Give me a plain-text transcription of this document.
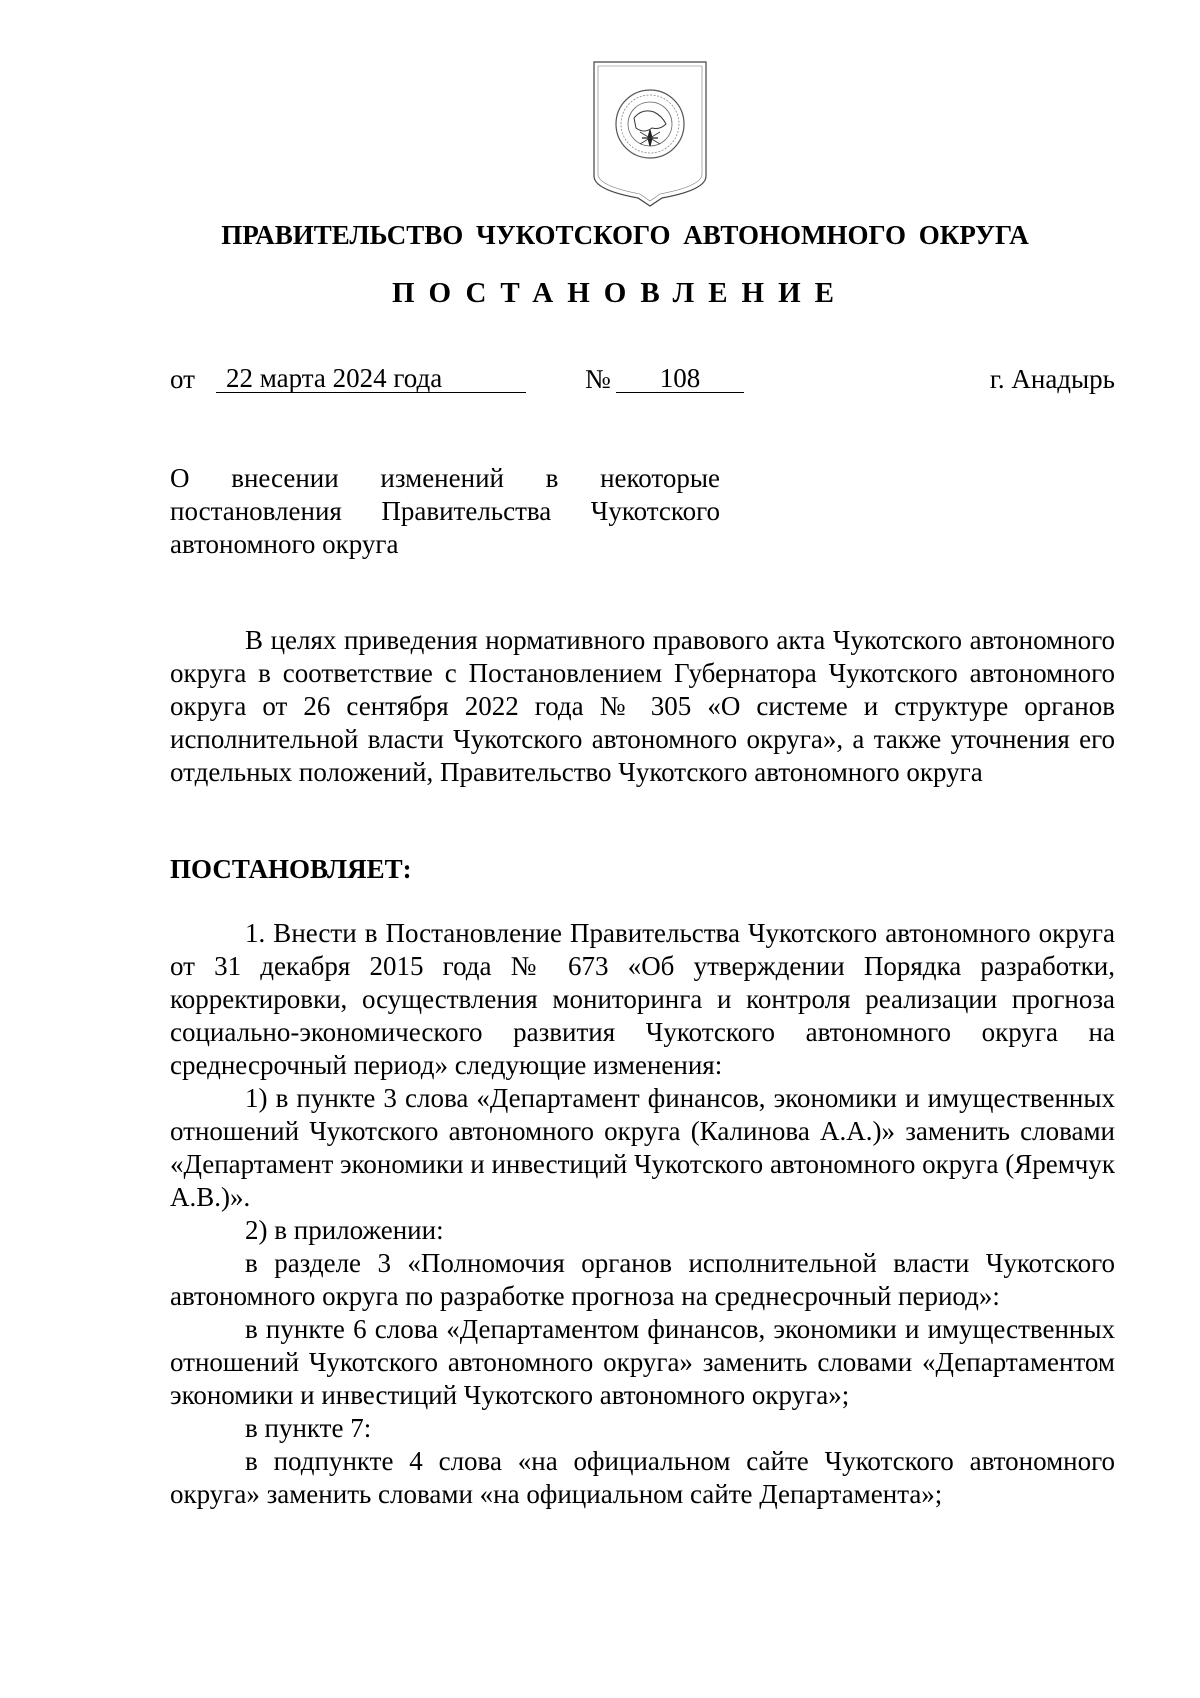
ПРАВИТЕЛЬСТВО ЧУКОТСКОГО АВТОНОМНОГО ОКРУГА
ПОСТАНОВЛЕНИЕ
от	22 марта 2024 года	№	108	г. Анадырь

О внесении изменений в некоторые

постановления Правительства Чукотского

автономного округа

В целях приведения нормативного правового акта Чукотского автономного округа в соответствие с Постановлением Губернатора Чукотского автономного округа от 26 сентября 2022 года № 305 «О системе и структуре органов исполнительной власти Чукотского автономного округа», а также уточнения его отдельных положений, Правительство Чукотского автономного округа

ПОСТАНОВЛЯЕТ:

1. Внести в Постановление Правительства Чукотского автономного округа от 31 декабря 2015 года № 673 «Об утверждении Порядка разработки, корректировки, осуществления мониторинга и контроля реализации прогноза социально-экономического развития Чукотского автономного округа на среднесрочный период» следующие изменения:

1) в пункте 3 слова «Департамент финансов, экономики и имущественных отношений Чукотского автономного округа (Калинова А.А.)» заменить словами «Департамент экономики и инвестиций Чукотского автономного округа (Яремчук А.В.)».

2) в приложении:

в разделе 3 «Полномочия органов исполнительной власти Чукотского автономного округа по разработке прогноза на среднесрочный период»:

в пункте 6 слова «Департаментом финансов, экономики и имущественных отношений Чукотского автономного округа» заменить словами «Департаментом экономики и инвестиций Чукотского автономного округа»;

в пункте 7:

в подпункте 4 слова «на официальном сайте Чукотского автономного округа» заменить словами «на официальном сайте Департамента»;
